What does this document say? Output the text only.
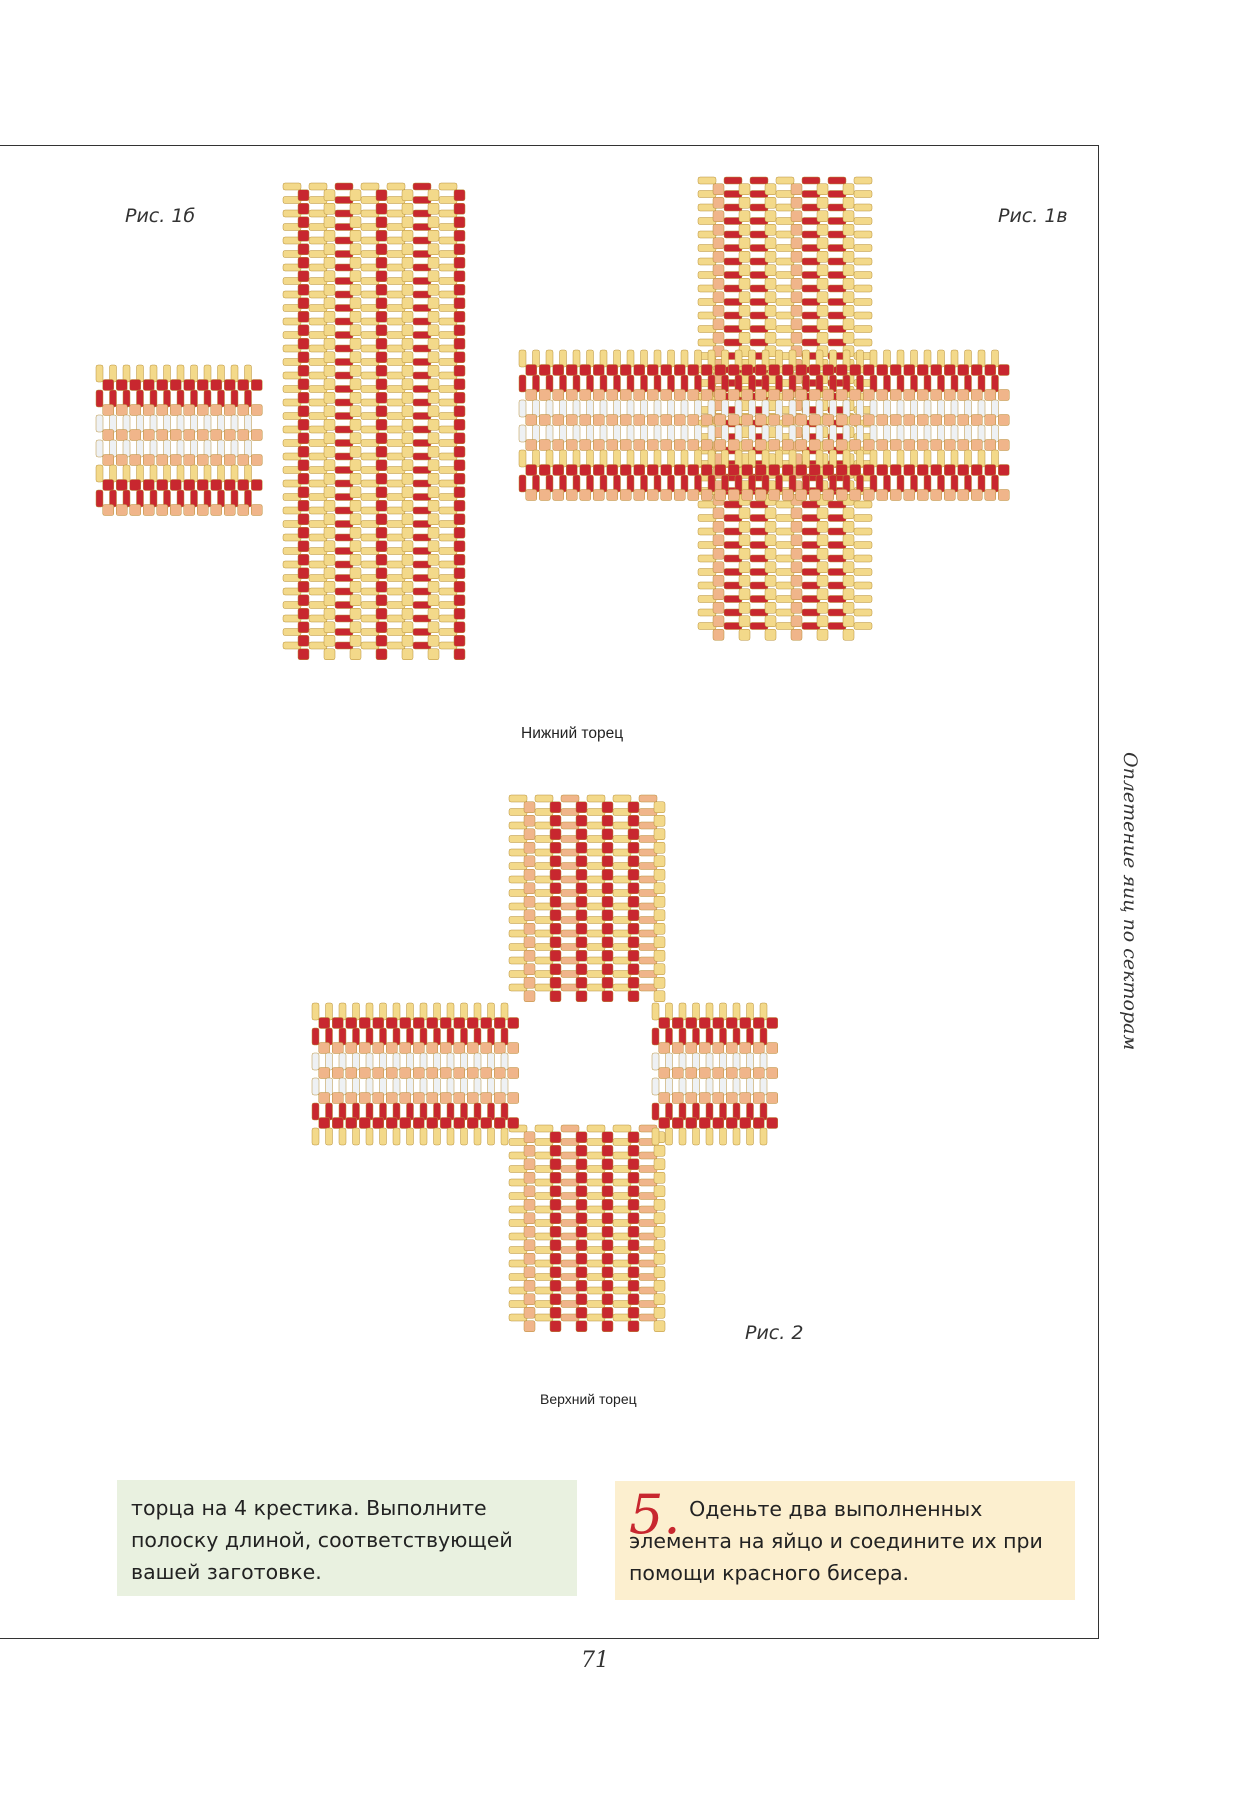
Рис. 1б	Рис. 1в
Рис. 2
Нижний торец
Верхний торец
Оплетение яиц по секторам
торца на 4 крестика. Выполните полоску длиной, соответствующей вашей заготовке.
5. Оденьте два выполненных элемента на яйцо и соедините их при помощи красного бисера.
71
